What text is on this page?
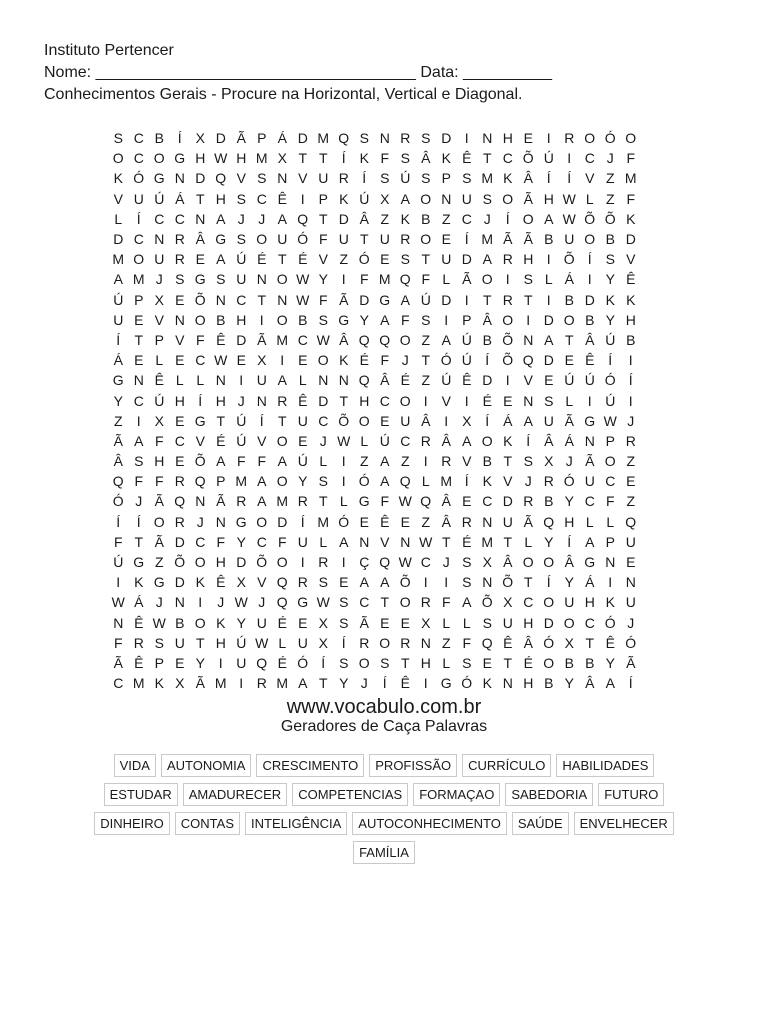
Instituto Pertencer
Nome: ____________________________________ Data: __________
Conhecimentos Gerais - Procure na Horizontal, Vertical e Diagonal.
S C B Í X D Ã P Á D M Q S N R S D I N H E I R O Ó O
O C O G H W H M X T T	Í K F S Â K Ê T C Õ Ú I C J F
K Ó G N D Q V S N V U R Í S Ú S P S M K Â Í	Í V Z M
V U Ú Á T H S C Ê I P K Ú X A O N U S O Ã H W L Z F
L	Í C C N A J J A Q T D Â Z K B Z C J	Í O A W Õ Õ K
D C N R Â G S O U Ó F U T U R O E Í M Ã Ã B U O B D
M O U R E A Ú É T É V Z Ó E S T U D A R H I Õ Í S V
A M J S G S U N O W Y I	F M Q F L Ã O I S L Á I Y Ê
Ú P X E Õ N C T N W F Ã D G A Ú D I	T R T	I B D K K
U E V N O B H I O B S G Y A F S I P Â O I D O B Y H
Í	T P V F Ê D Ã M C W Â Q Q O Z A Ú B Õ N A T Â Ú B
Á E L E C W E X I E O K É F J T Ó Ú Í Õ Q D E Ê Í	I
G N Ê L L N I U A L N N Q Â É Z Ú Ê D I V E Ú Ú Ó Í
Y C Ú H Í H J N R Ê D T H C O I V I É E N S L	I Ú I
Z	I X E G T Ú Í	T U C Õ O E U Â I X Í Á A U Ã G W J
Ã A F C V É Ú V O E J W L Ú C R Â A O K Í Â Á N P R
Â S H E Õ A F F A Ú L	I	Z A Z	I R V B T S X J Ã O Z
Q F F R Q P M A O Y S I Ó A Q L M Í K V J R Ó U C E
Ó J Ã Q N Ã R A M R T L G F W Q Â E C D R B Y C F Z
Í	Í O R J N G O D Í M Ó E Ê E Z Â R N U Ã Q H L L Q
F T Ã D C F Y C F U L A N V N W T É M T L Y Í A P U
Ú G Z Õ O H D Õ O I R I Ç Q W C J S X Â O O Â G N E
I K G D K Ê X V Q R S E A A Õ I	I S N Õ T	Í Y Á I N
W Á J N I	J W J Q G W S C T O R F A Õ X C O U H K U
N Ê W B O K Y U É E X S Ã E E X L L S U H D O C Ó J
F R S U T H Ú W L U X Í R O R N Z F Q Ê Â Ó X T Ê Ó
Ã Ê P E Y I U Q É Ó Í S O S T H L S E T É O B B Y Ã
C M K X Ã M I R M A T Y J	Í Ê I G Ó K N H B Y Â A Í
www.vocabulo.com.br
Geradores de Caça Palavras
VIDA	AUTONOMIA	CRESCIMENTO	PROFISSÃO	CURRÍCULO	HABILIDADES
ESTUDAR	AMADURECER	COMPETENCIAS	FORMAÇAO	SABEDORIA	FUTURO
DINHEIRO	CONTAS	INTELIGÊNCIA	AUTOCONHECIMENTO	SAÚDE	ENVELHECER
FAMÍLIA
